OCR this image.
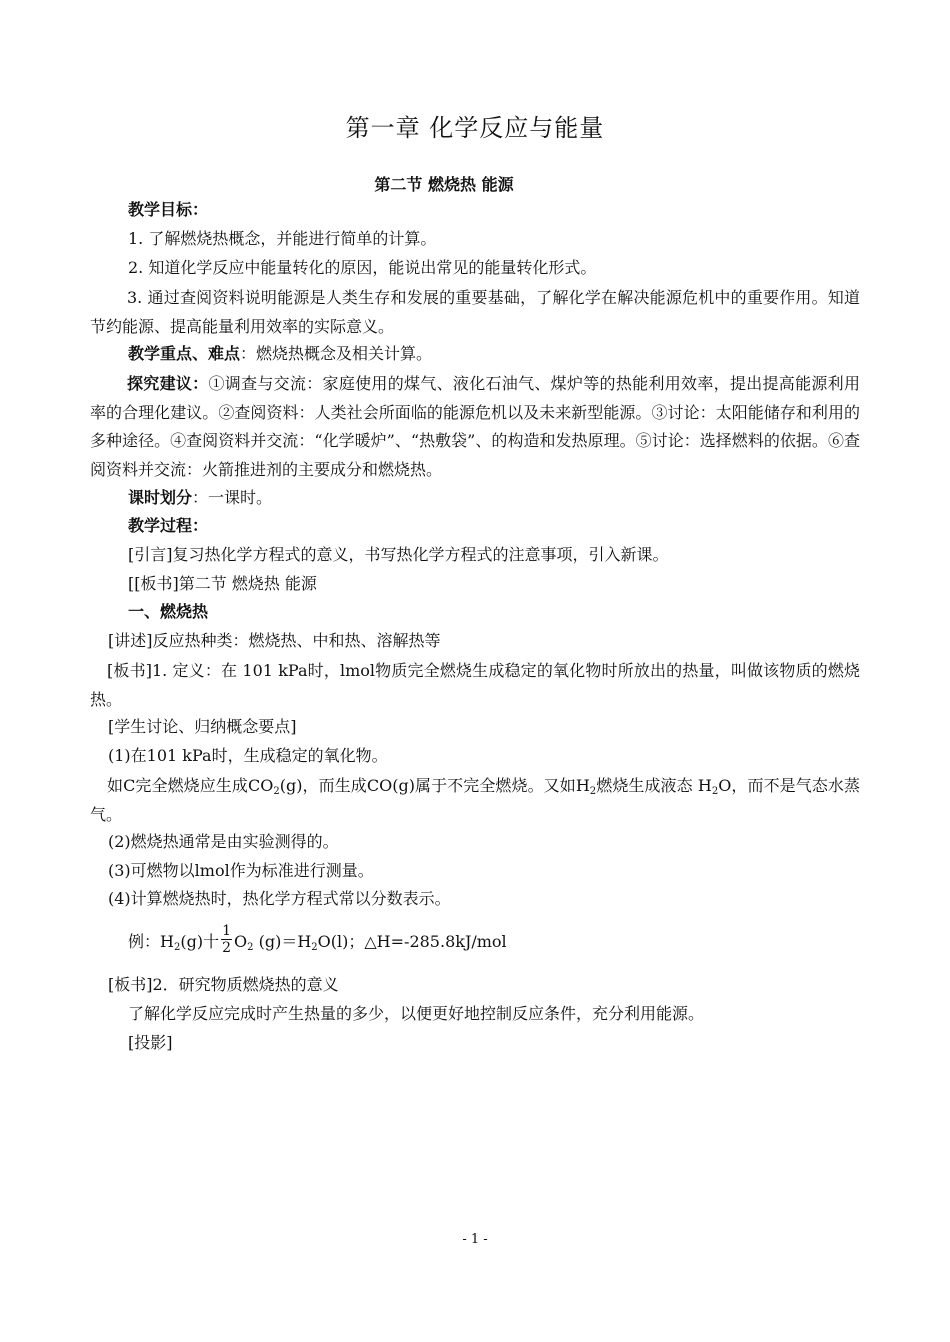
第一章 化学反应与能量
第二节 燃烧热 能源
教学目标：
1. 了解燃烧热概念，并能进行简单的计算。
2. 知道化学反应中能量转化的原因，能说出常见的能量转化形式。
3. 通过查阅资料说明能源是人类生存和发展的重要基础，了解化学在解决能源危机中的重要作用。知道节约能源、提高能量利用效率的实际意义。
教学重点、难点：燃烧热概念及相关计算。
探究建议：①调查与交流：家庭使用的煤气、液化石油气、煤炉等的热能利用效率，提出提高能源利用率的合理化建议。②查阅资料：人类社会所面临的能源危机以及未来新型能源。③讨论：太阳能储存和利用的多种途径。④查阅资料并交流：“化学暖炉”、“热敷袋”、的构造和发热原理。⑤讨论：选择燃料的依据。⑥查阅资料并交流：火箭推进剂的主要成分和燃烧热。
课时划分：一课时。
教学过程：
[引言]复习热化学方程式的意义，书写热化学方程式的注意事项，引入新课。
[[板书]第二节 燃烧热 能源
一、燃烧热
[讲述]反应热种类：燃烧热、中和热、溶解热等
[板书]1. 定义：在 101 kPa时，lmol物质完全燃烧生成稳定的氧化物时所放出的热量，叫做该物质的燃烧热。
[学生讨论、归纳概念要点]
(1)在101 kPa时，生成稳定的氧化物。
如C完全燃烧应生成$CO_2(g)$，而生成CO(g)属于不完全燃烧。又如$H_2$燃烧生成液态 $H_2O$，而不是气态水蒸气。
(2)燃烧热通常是由实验测得的。
(3)可燃物以lmol作为标准进行测量。
(4)计算燃烧热时，热化学方程式常以分数表示。
例：$H_2(g)$十 $\frac{1}{2} O_2$ $(g)=H_2O(l)$；△H=-285.8kJ/mol
[板书]2．研究物质燃烧热的意义
了解化学反应完成时产生热量的多少，以便更好地控制反应条件，充分利用能源。
[投影]
- 1 -
